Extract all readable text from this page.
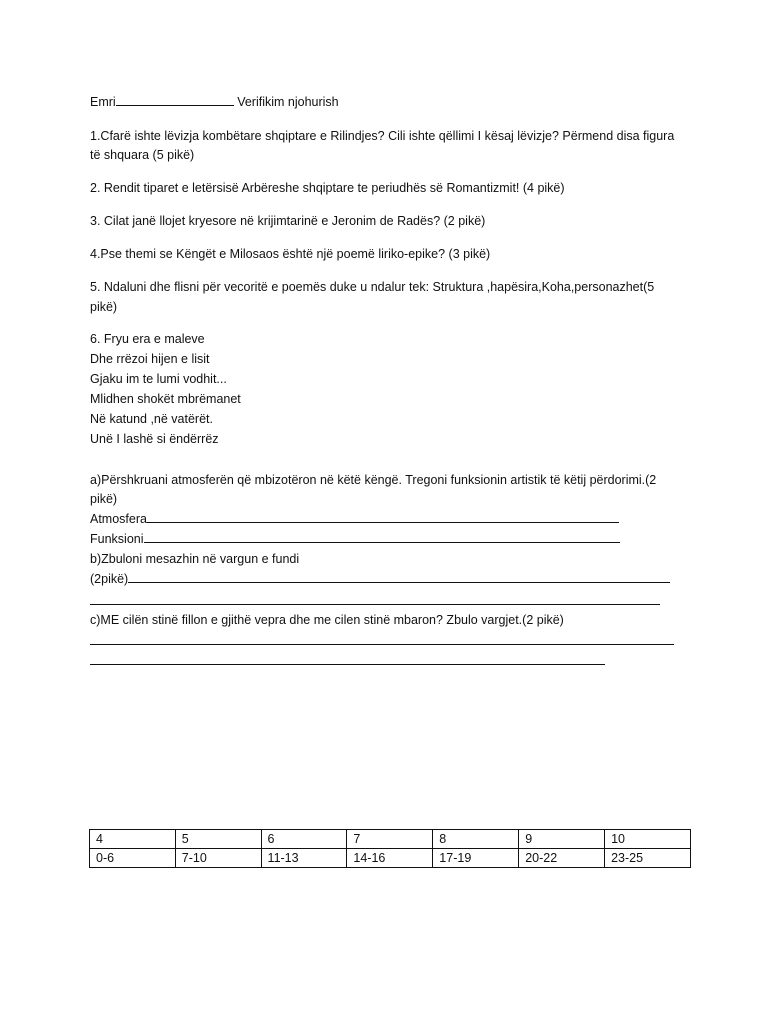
Emri	Verifikim njohurish
1.Cfarë ishte lëvizja kombëtare shqiptare e Rilindjes? Cili ishte qëllimi I kësaj lëvizje? Përmend disa figura
të shquara (5 pikë)
2. Rendit tiparet e letërsisë Arbëreshe shqiptare te periudhës së Romantizmit! (4 pikë)
3. Cilat janë llojet kryesore në krijimtarinë e Jeronim de Radës? (2 pikë)
4.Pse themi se Këngët e Milosaos është një poemë liriko-epike? (3 pikë)
5. Ndaluni dhe flisni për vecoritë e poemës duke u ndalur tek: Struktura ,hapësira,Koha,personazhet(5
pikë)
6. Fryu era e maleve
Dhe rrëzoi hijen e lisit
Gjaku im te lumi vodhit...
Mlidhen shokët mbrëmanet
Në katund ,në vatërët.
Unë I lashë si ëndërrëz
a)Përshkruani atmosferën që mbizotëron në këtë këngë. Tregoni funksionin artistik të këtij përdorimi.(2
pikë)
Atmosfera
Funksioni
b)Zbuloni mesazhin në vargun e fundi
(2pikë)
c)ME cilën stinë fillon e gjithë vepra dhe me cilen stinë mbaron? Zbulo vargjet.(2 pikë)
4	5	6	7	8	9	10
0-6	7-10	11-13	14-16	17-19	20-22	23-25
